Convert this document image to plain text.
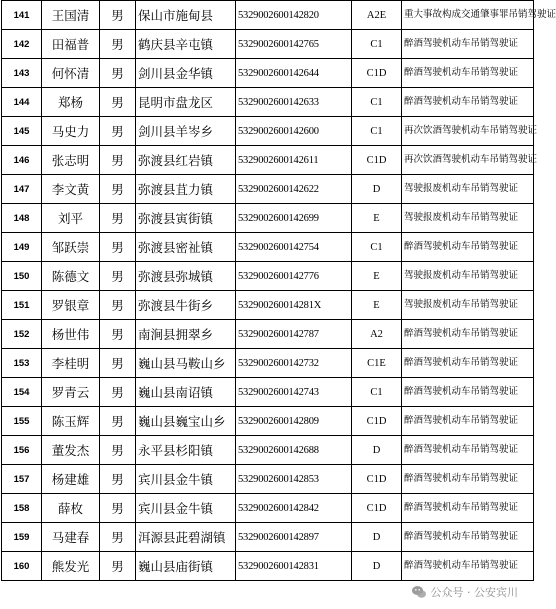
141	王国清	男	保山市施甸县	532900260014282​0	A2E	重大事故构成交通肇事罪吊销驾驶证
142	田福普	男	鹤庆县辛屯镇	5329002600142765	C1	醉酒驾驶机动车吊销驾驶证
143	何怀清	男	剑川县金华镇	5329002600142644	C1D	醉酒驾驶机动车吊销驾驶证
144	郑杨	男	昆明市盘龙区	5329002600142633	C1	醉酒驾驶机动车吊销驾驶证
145	马史力	男	剑川县羊岑乡	5329002600142600	C1	再次饮酒驾驶机动车吊销驾驶证
146	张志明	男	弥渡县红岩镇	5329002600142611	C1D	再次饮酒驾驶机动车吊销驾驶证
147	李文黄	男	弥渡县苴力镇	5329002600142622	D	驾驶报废机动车吊销驾驶证
148	刘平	男	弥渡县寅街镇	5329002600142699	E	驾驶报废机动车吊销驾驶证
149	邹跃崇	男	弥渡县密祉镇	5329002600142754	C1	醉酒驾驶机动车吊销驾驶证
150	陈德文	男	弥渡县弥城镇	5329002600142776	E	驾驶报废机动车吊销驾驶证
151	罗银章	男	弥渡县牛街乡	532900260014281X	E	驾驶报废机动车吊销驾驶证
152	杨世伟	男	南涧县拥翠乡	5329002600142787	A2	醉酒驾驶机动车吊销驾驶证
153	李桂明	男	巍山县马鞍山乡	5329002600142732	C1E	醉酒驾驶机动车吊销驾驶证
154	罗青云	男	巍山县南诏镇	5329002600142743	C1	醉酒驾驶机动车吊销驾驶证
155	陈玉辉	男	巍山县巍宝山乡	5329002600142809	C1D	醉酒驾驶机动车吊销驾驶证
156	董发杰	男	永平县杉阳镇	5329002600142688	D	醉酒驾驶机动车吊销驾驶证
157	杨建雄	男	宾川县金牛镇	5329002600142853	C1D	醉酒驾驶机动车吊销驾驶证
158	薛枚	男	宾川县金牛镇	5329002600142842	C1D	醉酒驾驶机动车吊销驾驶证
159	马建春	男	洱源县茈碧湖镇	5329002600142897	D	醉酒驾驶机动车吊销驾驶证
160	熊发光	男	巍山县庙街镇	5329002600142831	D	醉酒驾驶机动车吊销驾驶证
公众号 · 公安宾川
